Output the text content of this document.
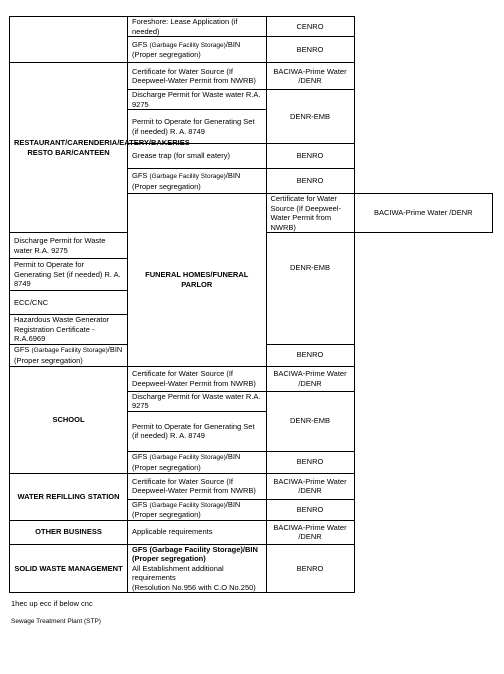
	Foreshore: Lease Application (if needed)	CENRO	
	GFS (Garbage Facility Storage)/BIN (Proper segregation)	BENRO	
RESTAURANT/CARENDERIA/EATERY/BAKERIES RESTO BAR/CANTEEN	Certificate for Water Source (If Deepweel-Water Permit from NWRB)	BACIWA-Prime Water /DENR	
	Discharge Permit for Waste water R.A. 9275	DENR-EMB	
	Permit to Operate for Generating Set (if needed) R. A. 8749		
	Grease trap (for small eatery)	BENRO	
	GFS (Garbage Facility Storage)/BIN (Proper segregation)	BENRO	
	FUNERAL HOMES/FUNERAL PARLOR	Certificate for Water Source (If Deepweel-Water Permit from NWRB)	BACIWA-Prime Water /DENR
Discharge Permit for Waste water R.A. 9275		DENR-EMB	
Permit to Operate for Generating Set (if needed) R. A. 8749			
ECC/CNC			
Hazardous Waste Generator Registration Certificate -R.A.6969			
GFS (Garbage Facility Storage)/BIN (Proper segregation)		BENRO	
SCHOOL	Certificate for Water Source (If Deepweel-Water Permit from NWRB)	BACIWA-Prime Water /DENR	
	Discharge Permit for Waste water R.A. 9275	DENR-EMB	
	Permit to Operate for Generating Set (if needed) R. A. 8749		
	GFS (Garbage Facility Storage)/BIN (Proper segregation)	BENRO	
WATER REFILLING STATION	Certificate for Water Source (If Deepweel-Water Permit from NWRB)	BACIWA-Prime Water /DENR	
	GFS (Garbage Facility Storage)/BIN (Proper segregation)	BENRO	
OTHER BUSINESS	Applicable requirements	BACIWA-Prime Water /DENR	
SOLID WASTE MANAGEMENT	GFS (Garbage Facility Storage)/BIN (Proper segregation)
All Establishment additional requirements
(Resolution No.956 with C.O No.250)	BENRO	
1hec up ecc if below cnc
Sewage Treatment Plant (STP)
